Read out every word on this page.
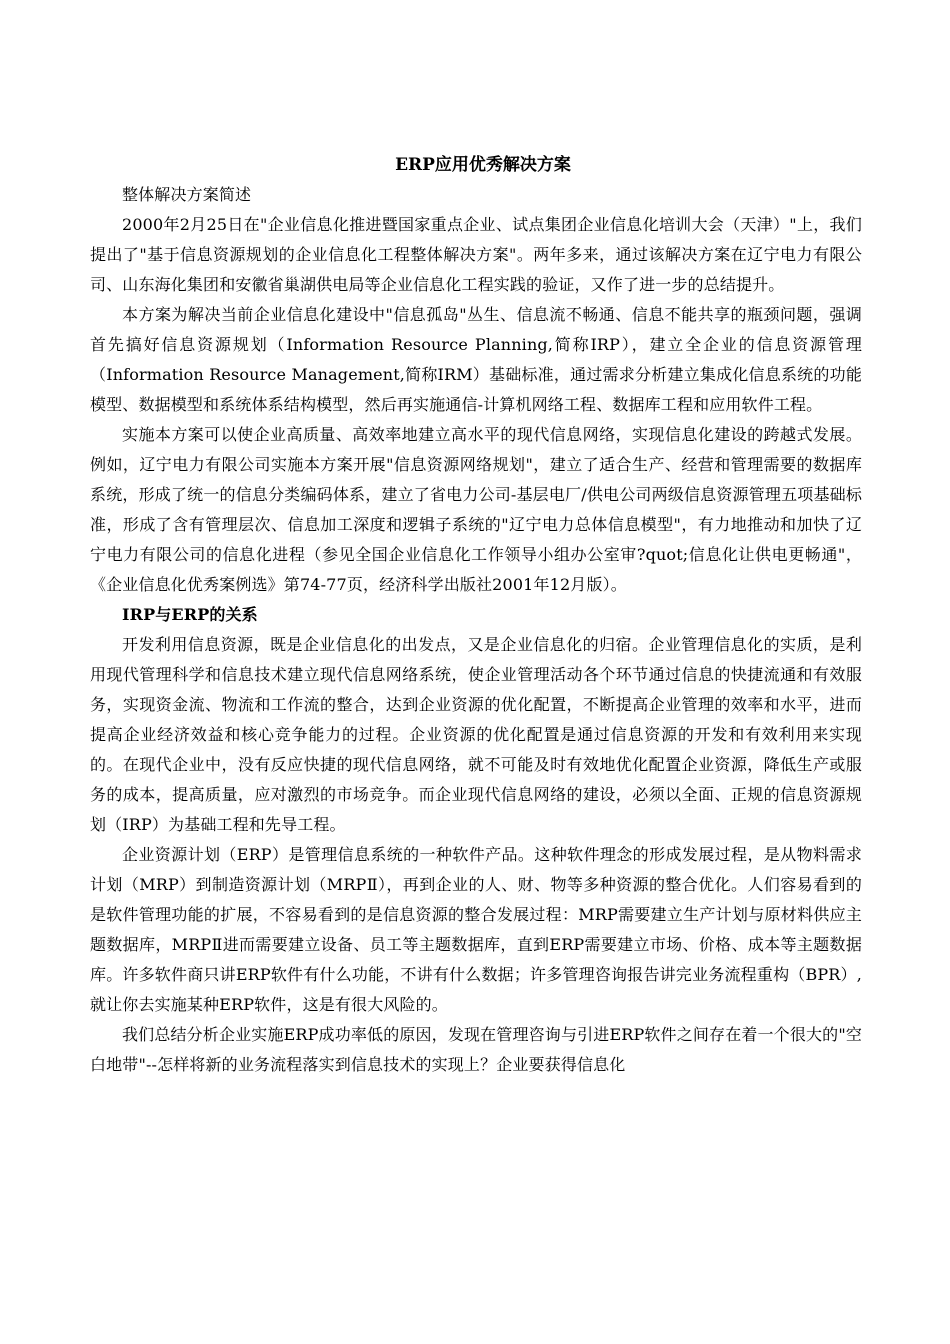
ERP应用优秀解决方案

整体解决方案简述

2000年2月25日在"企业信息化推进暨国家重点企业、试点集团企业信息化培训大会（天津）"上，我们提出了"基于信息资源规划的企业信息化工程整体解决方案"。两年多来，通过该解决方案在辽宁电力有限公司、山东海化集团和安徽省巢湖供电局等企业信息化工程实践的验证，又作了进一步的总结提升。

本方案为解决当前企业信息化建设中"信息孤岛"丛生、信息流不畅通、信息不能共享的瓶颈问题，强调首先搞好信息资源规划（Information Resource Planning,简称IRP），建立全企业的信息资源管理（Information Resource Management,简称IRM）基础标准，通过需求分析建立集成化信息系统的功能模型、数据模型和系统体系结构模型，然后再实施通信-计算机网络工程、数据库工程和应用软件工程。

实施本方案可以使企业高质量、高效率地建立高水平的现代信息网络，实现信息化建设的跨越式发展。例如，辽宁电力有限公司实施本方案开展"信息资源网络规划"，建立了适合生产、经营和管理需要的数据库系统，形成了统一的信息分类编码体系，建立了省电力公司-基层电厂/供电公司两级信息资源管理五项基础标准，形成了含有管理层次、信息加工深度和逻辑子系统的"辽宁电力总体信息模型"，有力地推动和加快了辽宁电力有限公司的信息化进程（参见全国企业信息化工作领导小组办公室审?quot;信息化让供电更畅通"，《企业信息化优秀案例选》第74-77页，经济科学出版社2001年12月版）。

IRP与ERP的关系

开发利用信息资源，既是企业信息化的出发点，又是企业信息化的归宿。企业管理信息化的实质，是利用现代管理科学和信息技术建立现代信息网络系统，使企业管理活动各个环节通过信息的快捷流通和有效服务，实现资金流、物流和工作流的整合，达到企业资源的优化配置，不断提高企业管理的效率和水平，进而提高企业经济效益和核心竞争能力的过程。企业资源的优化配置是通过信息资源的开发和有效利用来实现的。在现代企业中，没有反应快捷的现代信息网络，就不可能及时有效地优化配置企业资源，降低生产或服务的成本，提高质量，应对激烈的市场竞争。而企业现代信息网络的建设，必须以全面、正规的信息资源规划（IRP）为基础工程和先导工程。

企业资源计划（ERP）是管理信息系统的一种软件产品。这种软件理念的形成发展过程，是从物料需求计划（MRP）到制造资源计划（MRPⅡ），再到企业的人、财、物等多种资源的整合优化。人们容易看到的是软件管理功能的扩展，不容易看到的是信息资源的整合发展过程：MRP需要建立生产计划与原材料供应主题数据库，MRPⅡ进而需要建立设备、员工等主题数据库，直到ERP需要建立市场、价格、成本等主题数据库。许多软件商只讲ERP软件有什么功能，不讲有什么数据；许多管理咨询报告讲完业务流程重构（BPR）,就让你去实施某种ERP软件，这是有很大风险的。

我们总结分析企业实施ERP成功率低的原因，发现在管理咨询与引进ERP软件之间存在着一个很大的"空白地带"--怎样将新的业务流程落实到信息技术的实现上？企业要获得信息化
